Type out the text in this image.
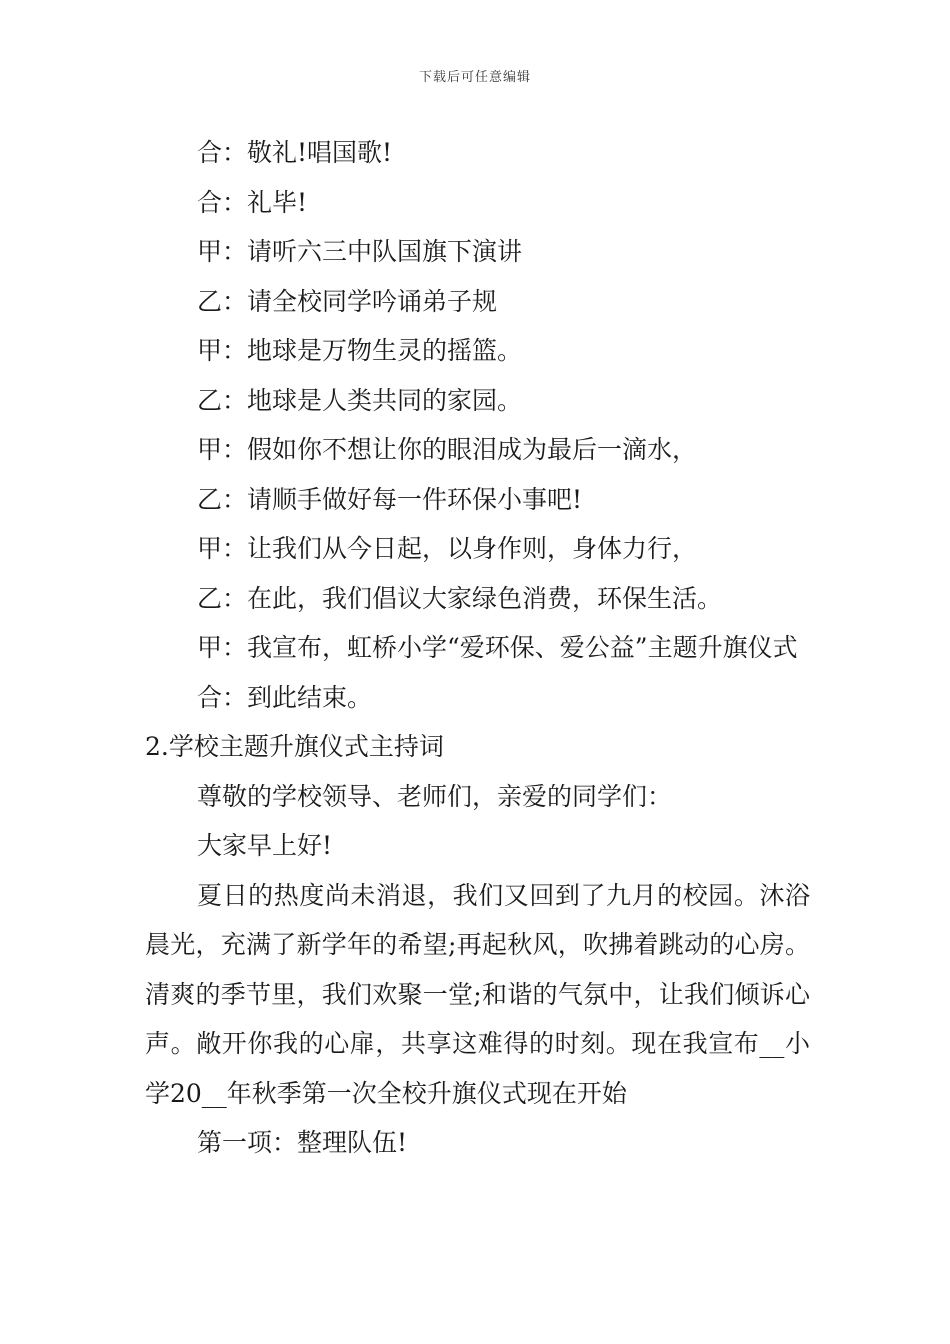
下载后可任意编辑

合：敬礼!唱国歌!

合：礼毕!

甲：请听六三中队国旗下演讲

乙：请全校同学吟诵弟子规

甲：地球是万物生灵的摇篮。

乙：地球是人类共同的家园。

甲：假如你不想让你的眼泪成为最后一滴水，

乙：请顺手做好每一件环保小事吧!

甲：让我们从今日起，以身作则，身体力行，

乙：在此，我们倡议大家绿色消费，环保生活。

甲：我宣布，虹桥小学“爱环保、爱公益”主题升旗仪式

合：到此结束。

2.学校主题升旗仪式主持词

尊敬的学校领导、老师们，亲爱的同学们：

大家早上好!

夏日的热度尚未消退，我们又回到了九月的校园。沐浴晨光，充满了新学年的希望;再起秋风，吹拂着跳动的心房。清爽的季节里，我们欢聚一堂;和谐的气氛中，让我们倾诉心声。敞开你我的心扉，共享这难得的时刻。现在我宣布__小学20__年秋季第一次全校升旗仪式现在开始

第一项：整理队伍!
